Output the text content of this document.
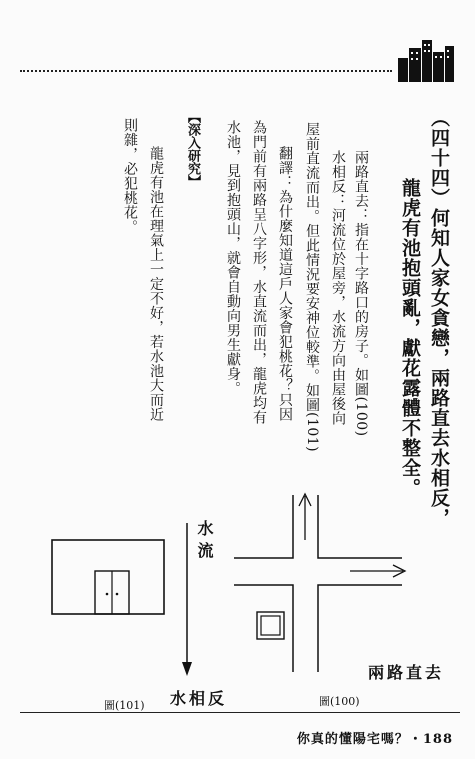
（四十四）何知人家女貪戀，兩路直去水相反，
龍虎有池抱頭亂，獻花露體不整全。
兩路直去：指在十字路口的房子。如圖(100)
水相反：河流位於屋旁，水流方向由屋後向
屋前直流而出。但此情況要安神位較準。如圖(101)
翻譯：為什麼知道這戶人家會犯桃花？只因
為門前有兩路呈八字形，水直流而出，龍虎均有
水池，見到抱頭山，就會自動向男生獻身。
【深入研究】
龍虎有池在理氣上一定不好，若水池大而近
則雜，必犯桃花。
水流
水相反
圖(101)
兩路直去
圖(100)
你真的懂陽宅嗎？・188
